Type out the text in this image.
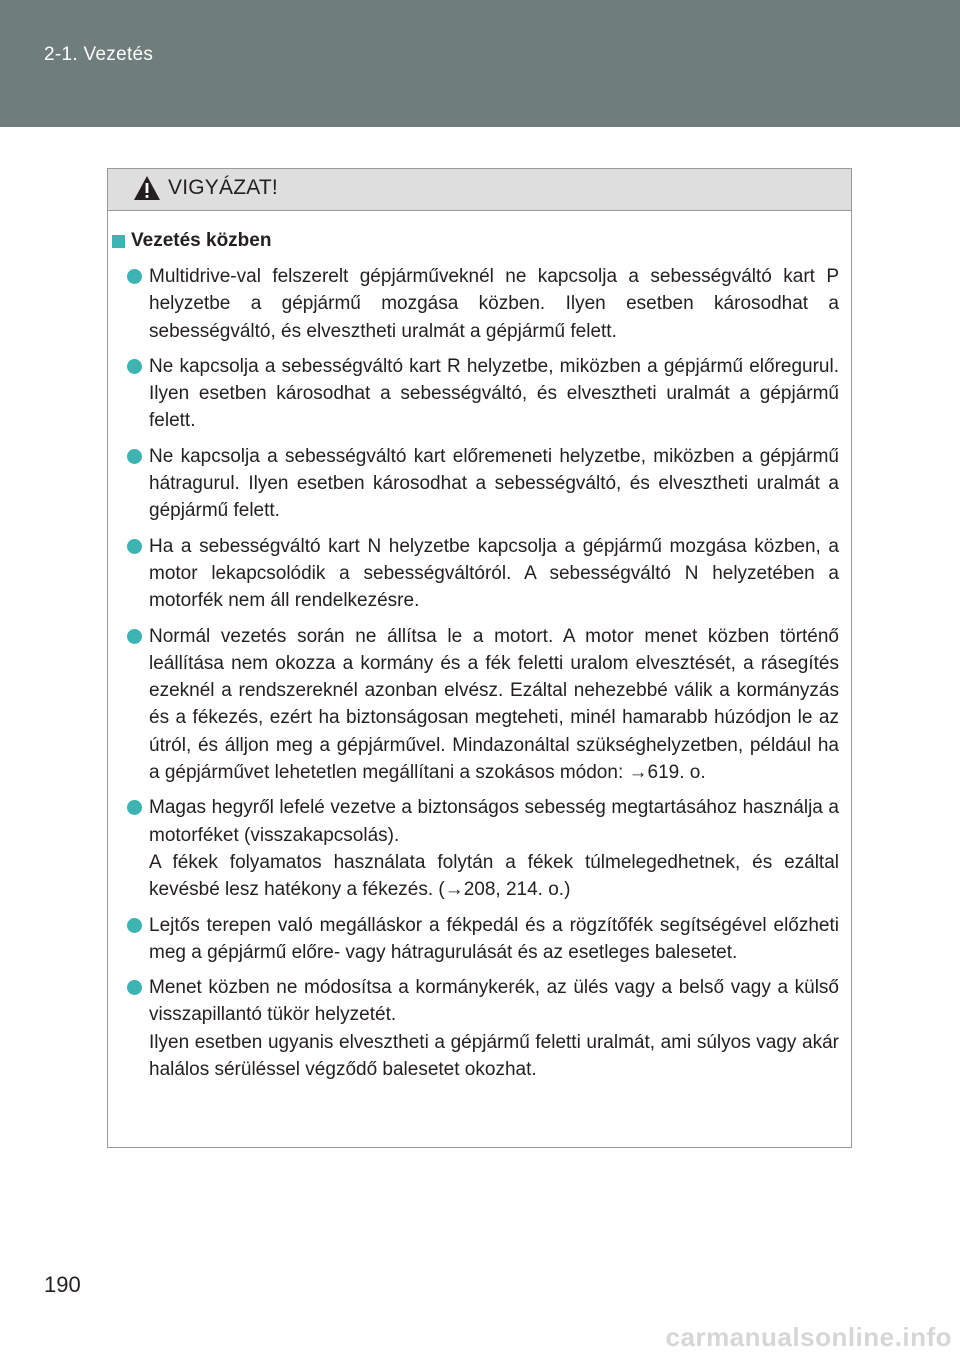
2-1. Vezetés
VIGYÁZAT!
Vezetés közben
Multidrive-val felszerelt gépjárműveknél ne kapcsolja a sebességváltó kart P helyzetbe a gépjármű mozgása közben. Ilyen esetben károsodhat a sebességváltó, és elvesztheti uralmát a gépjármű felett.
Ne kapcsolja a sebességváltó kart R helyzetbe, miközben a gépjármű előregurul. Ilyen esetben károsodhat a sebességváltó, és elvesztheti uralmát a gépjármű felett.
Ne kapcsolja a sebességváltó kart előremeneti helyzetbe, miközben a gépjármű hátragurul. Ilyen esetben károsodhat a sebességváltó, és elvesztheti uralmát a gépjármű felett.
Ha a sebességváltó kart N helyzetbe kapcsolja a gépjármű mozgása közben, a motor lekapcsolódik a sebességváltóról. A sebességváltó N helyzetében a motorfék nem áll rendelkezésre.
Normál vezetés során ne állítsa le a motort. A motor menet közben történő leállítása nem okozza a kormány és a fék feletti uralom elvesztését, a rásegítés ezeknél a rendszereknél azonban elvész. Ezáltal nehezebbé válik a kormányzás és a fékezés, ezért ha biztonságosan megteheti, minél hamarabb húzódjon le az útról, és álljon meg a gépjárművel. Mindazonáltal szükséghelyzetben, például ha a gépjárművet lehetetlen megállítani a szokásos módon: →619. o.
Magas hegyről lefelé vezetve a biztonságos sebesség megtartásához használja a motorféket (visszakapcsolás).
A fékek folyamatos használata folytán a fékek túlmelegedhetnek, és ezáltal kevésbé lesz hatékony a fékezés. (→208, 214. o.)
Lejtős terepen való megálláskor a fékpedál és a rögzítőfék segítségével előzheti meg a gépjármű előre- vagy hátragurulását és az esetleges balesetet.
Menet közben ne módosítsa a kormánykerék, az ülés vagy a belső vagy a külső visszapillantó tükör helyzetét.
Ilyen esetben ugyanis elvesztheti a gépjármű feletti uralmát, ami súlyos vagy akár halálos sérüléssel végződő balesetet okozhat.
190
carmanualsonline.info
